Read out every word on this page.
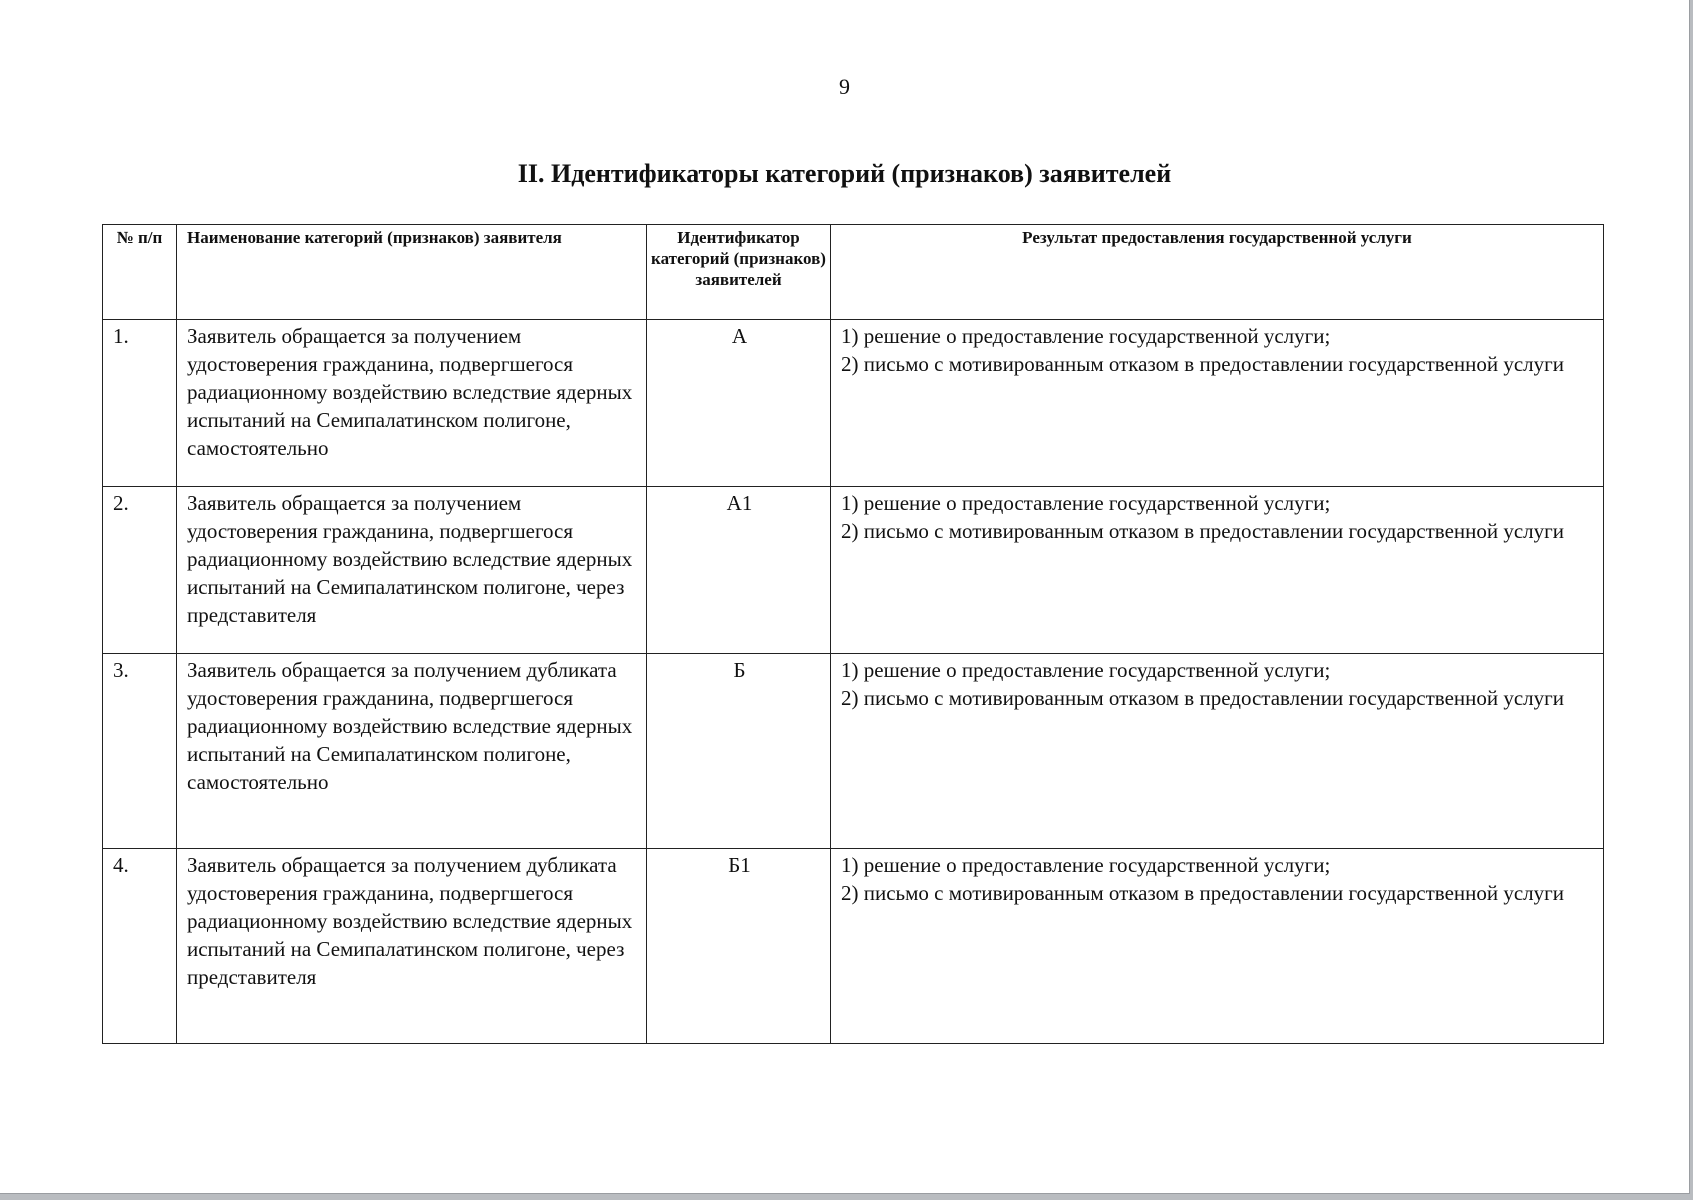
9
II. Идентификаторы категорий (признаков) заявителей
№ п/п	Наименование категорий (признаков) заявителя	Идентификатор категорий (признаков) заявителей	Результат предоставления государственной услуги
1.	Заявитель обращается за получением удостоверения гражданина, подвергшегося радиационному воздействию вследствие ядерных испытаний на Семипалатинском полигоне, самостоятельно	А	1) решение о предоставление государственной услуги;
2) письмо с мотивированным отказом в предоставлении государственной услуги

2.	Заявитель обращается за получением удостоверения гражданина, подвергшегося радиационному воздействию вследствие ядерных испытаний на Семипалатинском полигоне, через представителя	А1	1) решение о предоставление государственной услуги;
2) письмо с мотивированным отказом в предоставлении государственной услуги

3.	Заявитель обращается за получением дубликата удостоверения гражданина, подвергшегося радиационному воздействию вследствие ядерных испытаний на Семипалатинском полигоне, самостоятельно	Б	1) решение о предоставление государственной услуги;
2) письмо с мотивированным отказом в предоставлении государственной услуги

4.	Заявитель обращается за получением дубликата удостоверения гражданина, подвергшегося радиационному воздействию вследствие ядерных испытаний на Семипалатинском полигоне, через представителя	Б1	1) решение о предоставление государственной услуги;
2) письмо с мотивированным отказом в предоставлении государственной услуги
